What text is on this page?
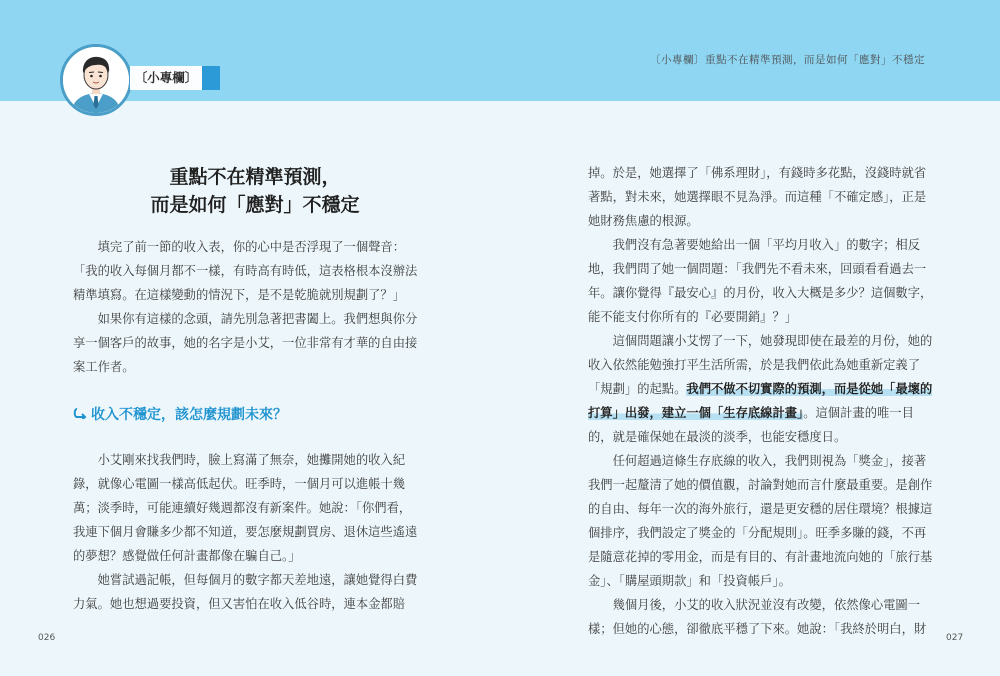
〔小專欄〕重點不在精準預測，而是如何「應對」不穩定
〔小專欄〕
重點不在精準預測，
而是如何「應對」不穩定

　　填完了前一節的收入表，你的心中是否浮現了一個聲音：

「我的收入每個月都不一樣，有時高有時低，這表格根本沒辦法

精準填寫。在這樣變動的情況下，是不是乾脆就別規劃了？」

　　如果你有這樣的念頭，請先別急著把書闔上。我們想與你分

享一個客戶的故事，她的名字是小艾，一位非常有才華的自由接

案工作者。

收入不穩定，該怎麼規劃未來？

　　小艾剛來找我們時，臉上寫滿了無奈，她攤開她的收入紀

錄，就像心電圖一樣高低起伏。旺季時，一個月可以進帳十幾

萬；淡季時，可能連續好幾週都沒有新案件。她說：「你們看，

我連下個月會賺多少都不知道，要怎麼規劃買房、退休這些遙遠

的夢想？感覺做任何計畫都像在騙自己。」

　　她嘗試過記帳，但每個月的數字都天差地遠，讓她覺得白費

力氣。她也想過要投資，但又害怕在收入低谷時，連本金都賠

掉。於是，她選擇了「佛系理財」，有錢時多花點，沒錢時就省

著點，對未來，她選擇眼不見為淨。而這種「不確定感」，正是

她財務焦慮的根源。

　　我們沒有急著要她給出一個「平均月收入」的數字；相反

地，我們問了她一個問題：「我們先不看未來，回頭看看過去一

年。讓你覺得『最安心』的月份，收入大概是多少？這個數字，

能不能支付你所有的『必要開銷』？」

　　這個問題讓小艾愣了一下，她發現即使在最差的月份，她的

收入依然能勉強打平生活所需，於是我們依此為她重新定義了

「規劃」的起點。我們不做不切實際的預測，而是從她「最壞的

打算」出發，建立一個「生存底線計畫」。這個計畫的唯一目

的，就是確保她在最淡的淡季，也能安穩度日。

　　任何超過這條生存底線的收入，我們則視為「獎金」，接著

我們一起釐清了她的價值觀，討論對她而言什麼最重要。是創作

的自由、每年一次的海外旅行，還是更安穩的居住環境？根據這

個排序，我們設定了獎金的「分配規則」。旺季多賺的錢，不再

是隨意花掉的零用金，而是有目的、有計畫地流向她的「旅行基

金」、「購屋頭期款」和「投資帳戶」。

　　幾個月後，小艾的收入狀況並沒有改變，依然像心電圖一

樣；但她的心態，卻徹底平穩了下來。她說：「我終於明白，財

026	027
